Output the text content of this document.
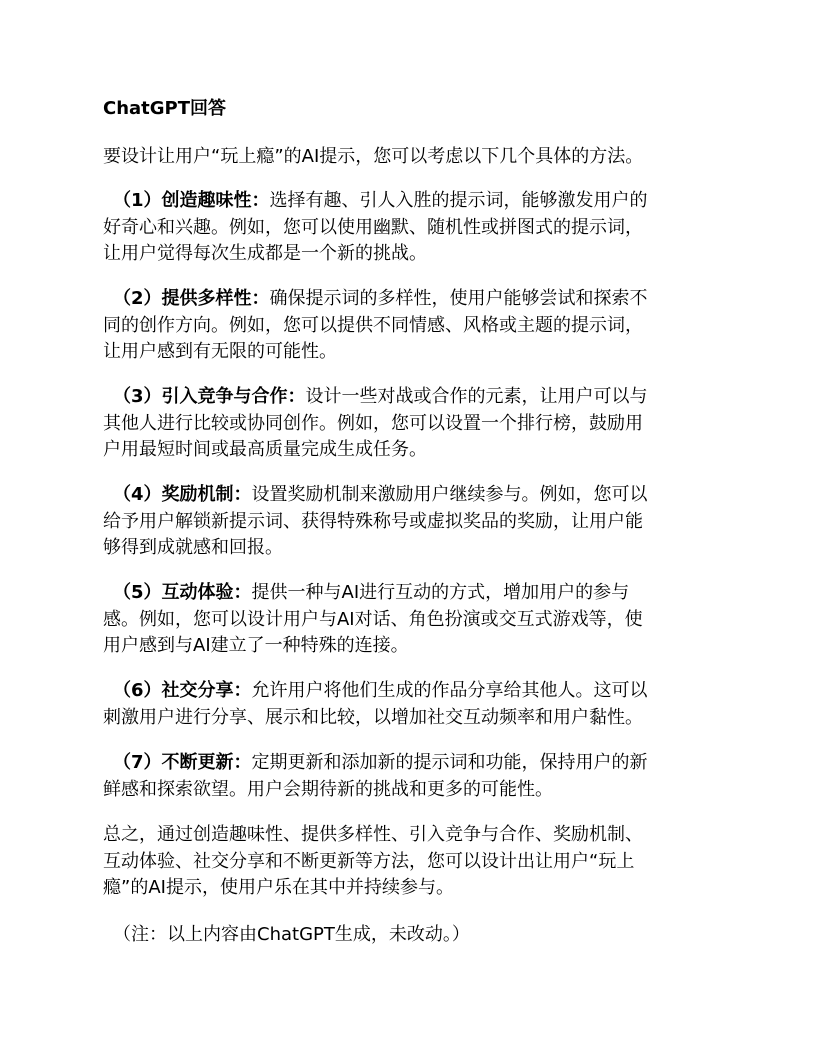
ChatGPT回答
要设计让用户“玩上瘾”的AI提示，您可以考虑以下几个具体的方法。
（1）创造趣味性：选择有趣、引人入胜的提示词，能够激发用户的
好奇心和兴趣。例如，您可以使用幽默、随机性或拼图式的提示词，
让用户觉得每次生成都是一个新的挑战。
（2）提供多样性：确保提示词的多样性，使用户能够尝试和探索不
同的创作方向。例如，您可以提供不同情感、风格或主题的提示词，
让用户感到有无限的可能性。
（3）引入竞争与合作：设计一些对战或合作的元素，让用户可以与
其他人进行比较或协同创作。例如，您可以设置一个排行榜，鼓励用
户用最短时间或最高质量完成生成任务。
（4）奖励机制：设置奖励机制来激励用户继续参与。例如，您可以
给予用户解锁新提示词、获得特殊称号或虚拟奖品的奖励，让用户能
够得到成就感和回报。
（5）互动体验：提供一种与AI进行互动的方式，增加用户的参与
感。例如，您可以设计用户与AI对话、角色扮演或交互式游戏等，使
用户感到与AI建立了一种特殊的连接。
（6）社交分享：允许用户将他们生成的作品分享给其他人。这可以
刺激用户进行分享、展示和比较，以增加社交互动频率和用户黏性。
（7）不断更新：定期更新和添加新的提示词和功能，保持用户的新
鲜感和探索欲望。用户会期待新的挑战和更多的可能性。
总之，通过创造趣味性、提供多样性、引入竞争与合作、奖励机制、
互动体验、社交分享和不断更新等方法，您可以设计出让用户“玩上
瘾”的AI提示，使用户乐在其中并持续参与。
（注：以上内容由ChatGPT生成，未改动。）
